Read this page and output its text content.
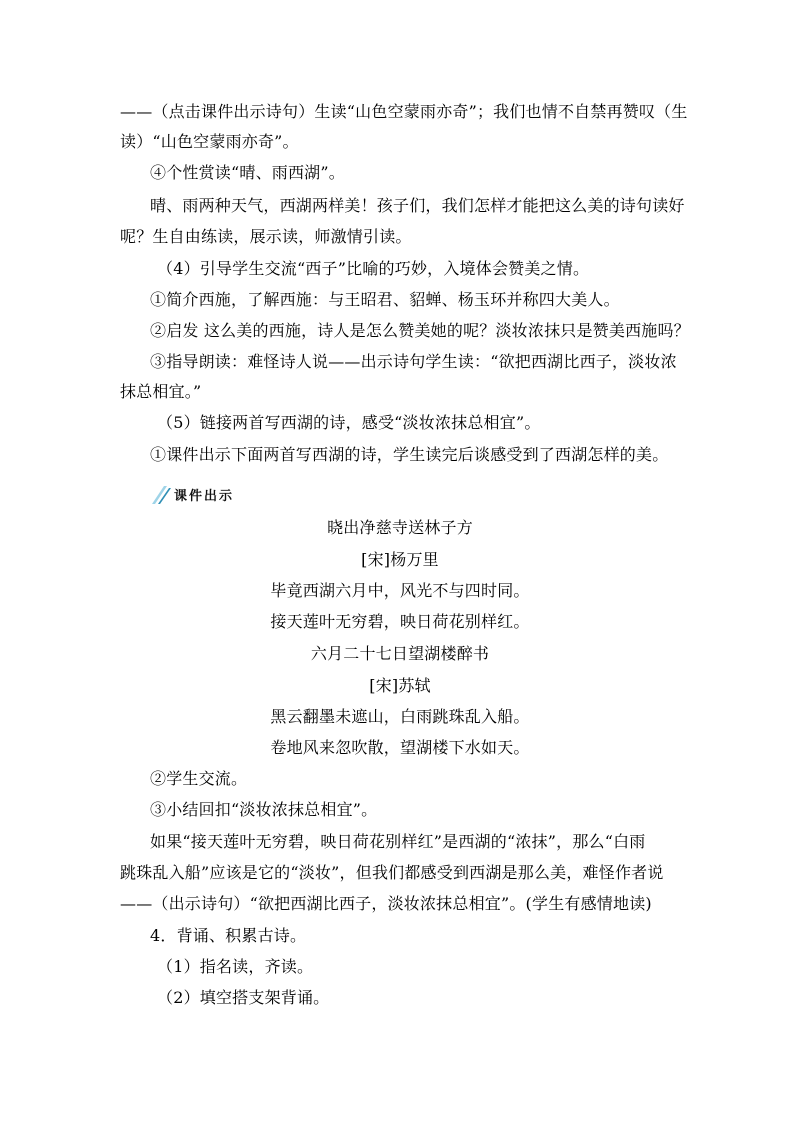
——（点击课件出示诗句）生读“山色空蒙雨亦奇”；我们也情不自禁再赞叹（生
读）“山色空蒙雨亦奇”。
④个性赏读“晴、雨西湖”。
晴、雨两种天气，西湖两样美！孩子们，我们怎样才能把这么美的诗句读好
呢？生自由练读，展示读，师激情引读。
（4）引导学生交流“西子”比喻的巧妙，入境体会赞美之情。
①简介西施，了解西施：与王昭君、貂蝉、杨玉环并称四大美人。
②启发 这么美的西施，诗人是怎么赞美她的呢？淡妆浓抹只是赞美西施吗？
③指导朗读：难怪诗人说——出示诗句学生读：“欲把西湖比西子，淡妆浓
抹总相宜。”
（5）链接两首写西湖的诗，感受“淡妆浓抹总相宜”。
①课件出示下面两首写西湖的诗，学生读完后谈感受到了西湖怎样的美。
课件出示
晓出净慈寺送林子方
[宋]杨万里
毕竟西湖六月中，风光不与四时同。
接天莲叶无穷碧，映日荷花别样红。
六月二十七日望湖楼醉书
[宋]苏轼
黑云翻墨未遮山，白雨跳珠乱入船。
卷地风来忽吹散，望湖楼下水如天。
②学生交流。
③小结回扣“淡妆浓抹总相宜”。
如果“接天莲叶无穷碧，映日荷花别样红”是西湖的“浓抹”，那么“白雨
跳珠乱入船”应该是它的“淡妆”，但我们都感受到西湖是那么美，难怪作者说
——（出示诗句）“欲把西湖比西子，淡妆浓抹总相宜”。(学生有感情地读)
4．背诵、积累古诗。
（1）指名读，齐读。
（2）填空搭支架背诵。
